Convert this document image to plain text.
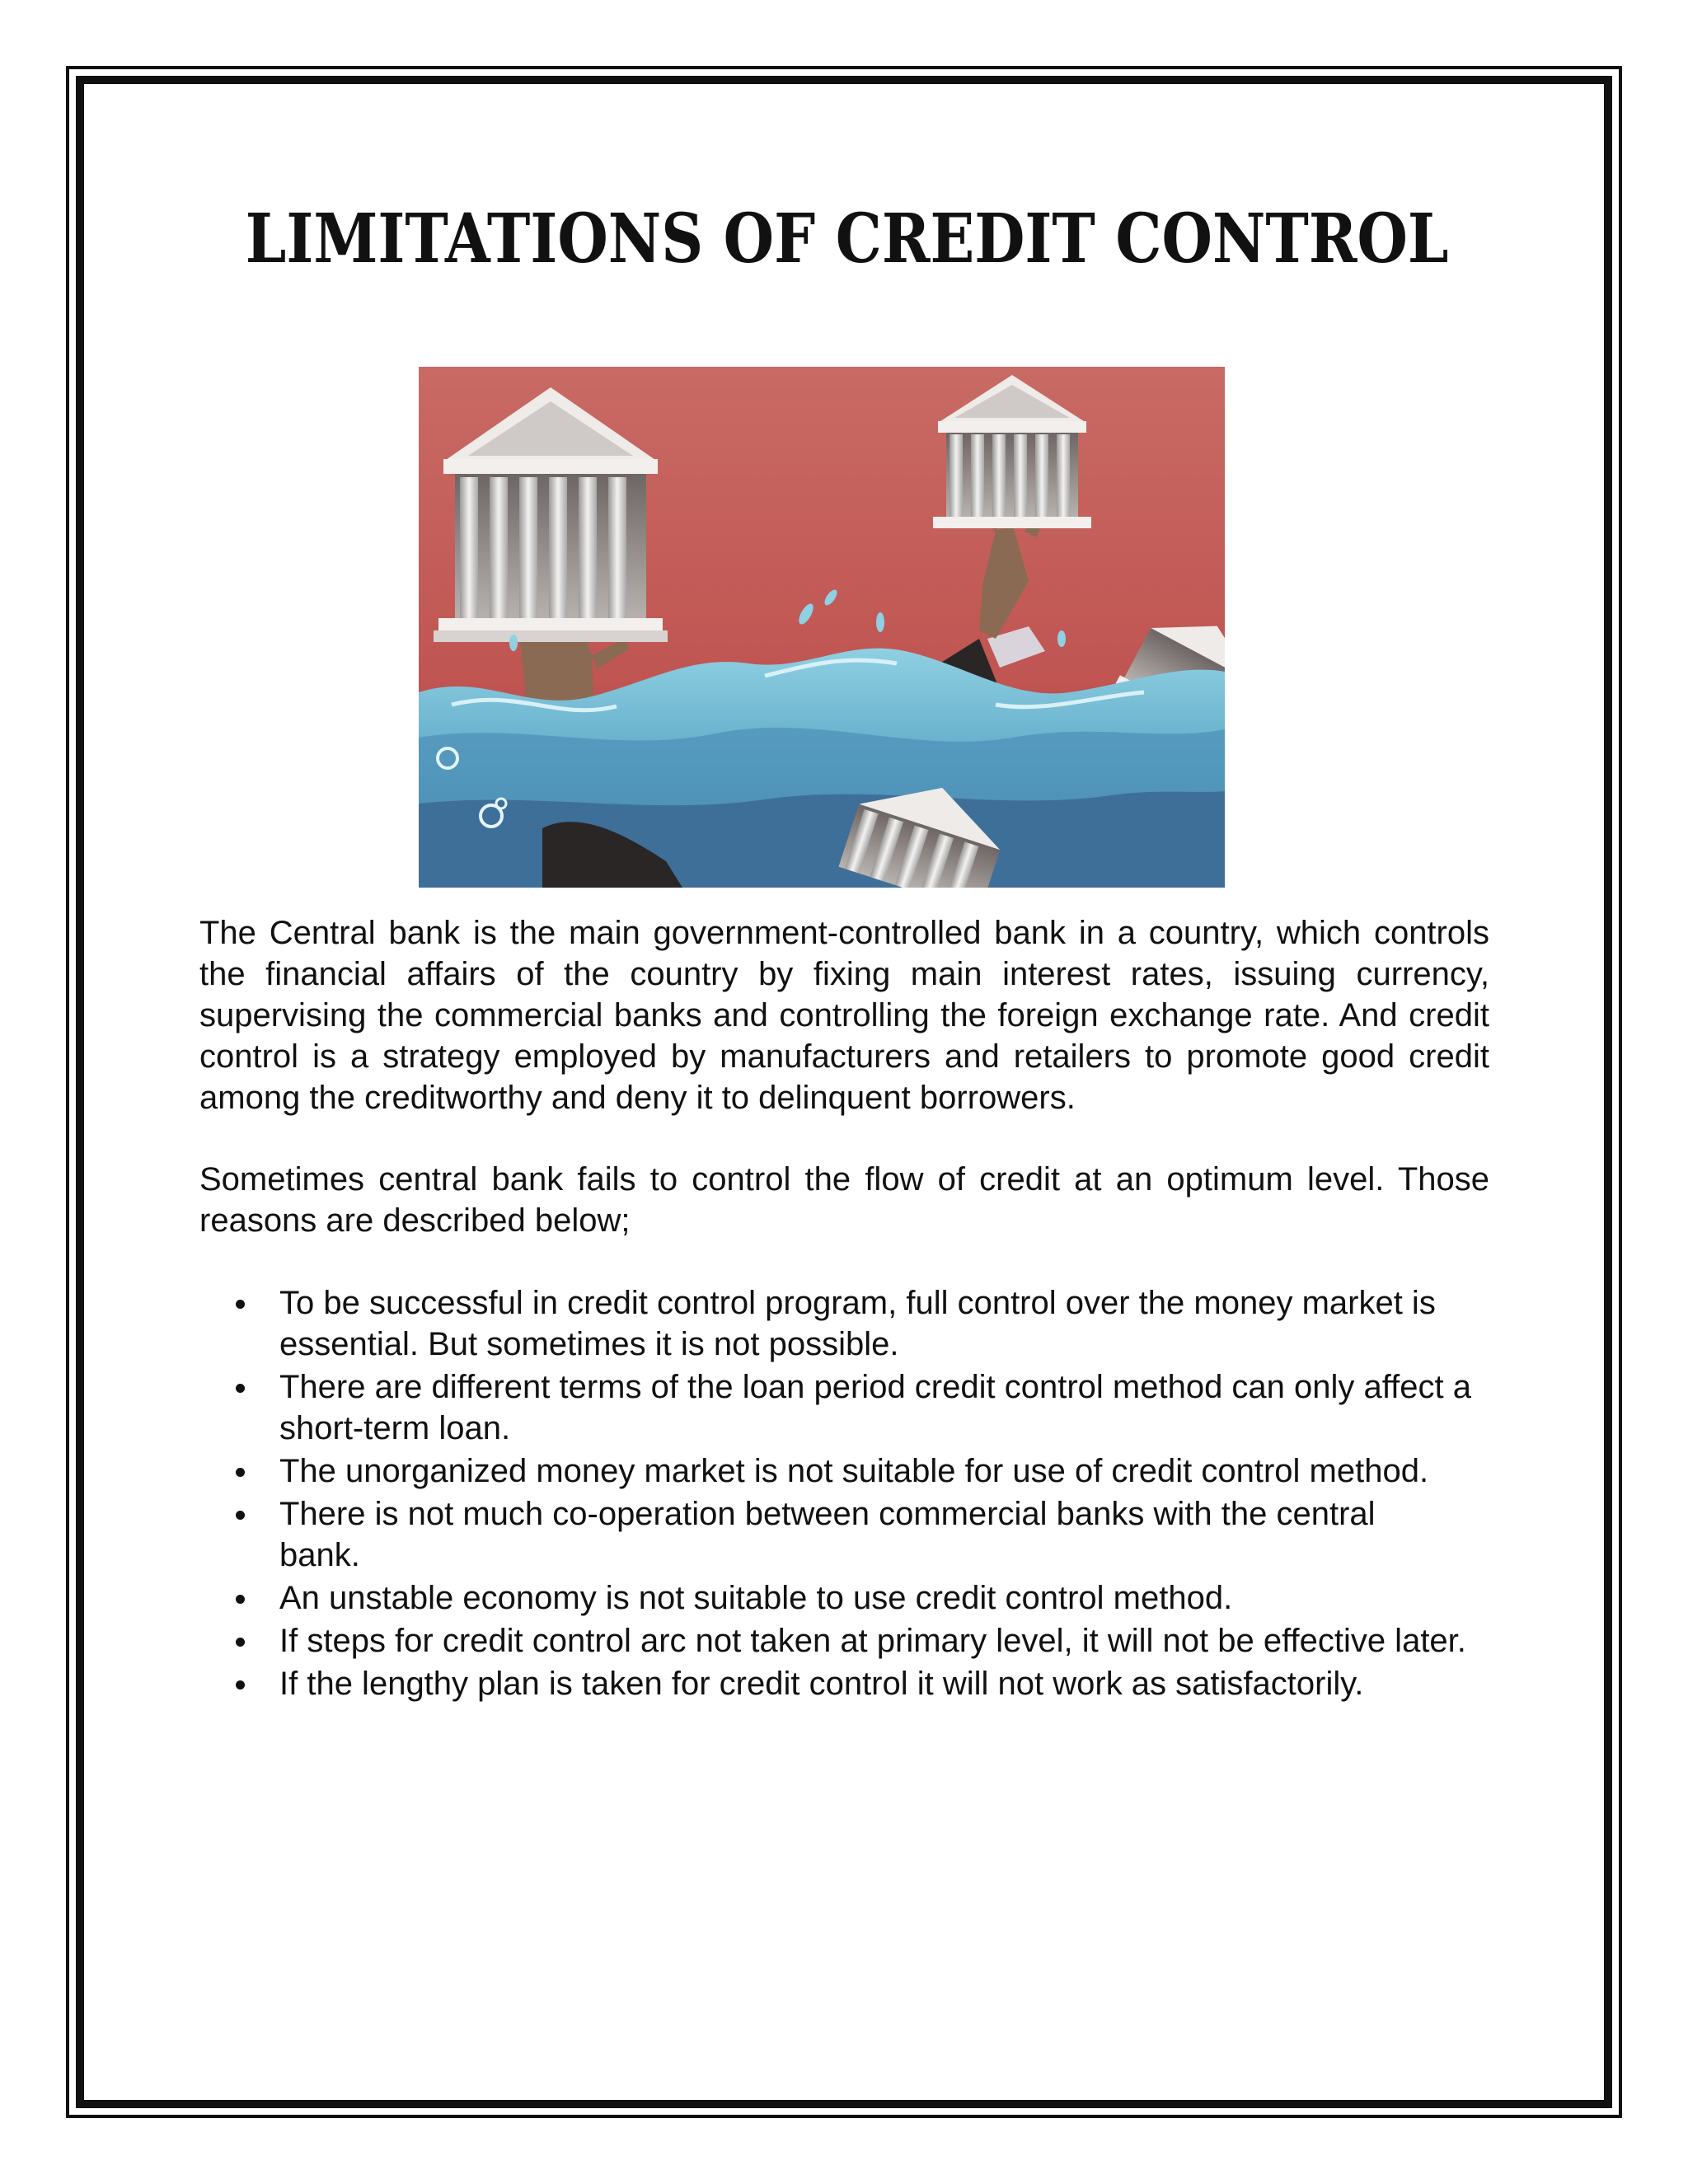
LIMITATIONS OF CREDIT CONTROL

The Central bank is the main government-controlled bank in a country, which controls the financial affairs of the country by fixing main interest rates, issuing currency, supervising the commercial banks and controlling the foreign exchange rate. And credit control is a strategy employed by manufacturers and retailers to promote good credit among the creditworthy and deny it to delinquent borrowers.

Sometimes central bank fails to control the flow of credit at an optimum level. Those reasons are described below;

To be successful in credit control program, full control over the money market is essential. But sometimes it is not possible.
There are different terms of the loan period credit control method can only affect a short-term loan.
The unorganized money market is not suitable for use of credit control method.
There is not much co-operation between commercial banks with the central bank.
An unstable economy is not suitable to use credit control method.
If steps for credit control arc not taken at primary level, it will not be effective later.
If the lengthy plan is taken for credit control it will not work as satisfactorily.
